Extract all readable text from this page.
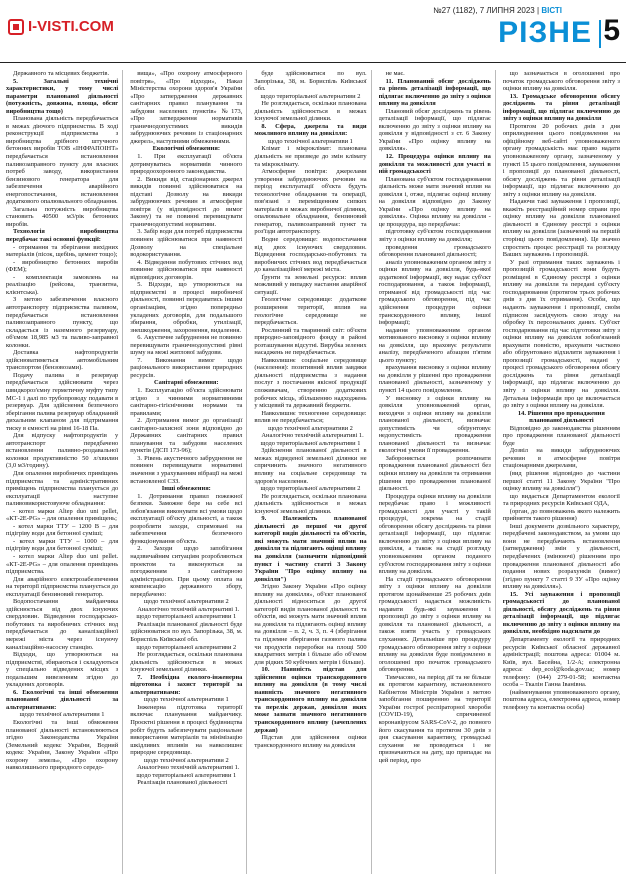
I-VISTI.COM
№27 (1182), 7 ЛИПНЯ 2023 | ВІСТІ
РІЗНЕ 5

Державного та місцевих бюджетів.

5. Загальні технічні характеристики, у тому числі параметри планованої діяльності (потужність, довжина, площа, обсяг виробництва тощо)

Планована діяльність передбачається в межах діючого підприємства. В ході реконструкції підприємства з виробництва дрібного штучного бетонних виробів ТОВ «ІНФРАПОІНТ» передбачається встановлення паливозаправного пункту для власних потреб заводу, використання бензинового генератора для забезпечення аварійного енергопостачання, встановлення додаткового опалювального обладнання.

Загальна потужність виробництва становить 40500 м3/рік бетонних виробів.

Технологія виробництва передбачає такі основні функції:

- отримання та зберігання вихідних матеріалів (пісок, щебінь, цемент тощо);

- виробництво бетонних виробів (ФЕМ);

- комплектація замовлень на реалізацію (рейсова, транзитна, клієнтська).

З метою забезпечення власного автотранспорту підприємства паливом, передбачається встановлення паливозаправного пункту, що складається із наземного резервуару, об'ємом 18,985 м3 та паливо-заправної колонки.

Доставка нафтопродуктів здійснюватиметься автомобільним транспортом (бензовозами).

Подачу палива в резервуар передбачається здійснювати через швидкороз'ємну герметичну муфту типу МС-1 і далі по трубопроводу подавати в резервуар. Для здійснення безпечного зберігання палива резервуар обладнаний дихальним клапаном для підтримання тиску в ємності на рівні 16-18 Па.

Для відпуску нафтопродуктів у автотранспорт передбачено встановлення паливно-роздавальної колонки продуктивністю 50 л/хвилин (3,0 м3/годину).

Для опалення виробничих приміщень підприємства та адміністративних приміщень підприємства планується до експлуатації наступне паливовикористовуюче обладнання:

- котел марки Altep duo uni pellet, «КТ-2Е-PG» – для опалення приміщень;

- котел марки ТТУ – 1200 В – для підігріву води для бетонної суміші;

- котел марки ТТУ – 1000 – для підігріву води для бетонної суміші;

- котел марки Altep duo uni pellet. «КТ-2Е-PG» – для опалення приміщень підприємства.

Для аварійного електрозабезпечення на території підприємства планується до експлуатації бензиновий генератор.

Водопостачання майданчика здійснюється від двох існуючих свердловин. Відведення господарсько-побутових та виробничих стічних вод передбачається до каналізаційної мережі міста через існуючу каналізаційно-насосну станцію.

Відходи, що утворюються на підприємстві, збираються і складуються у спеціально відведених місцях з подальшим вивезенням згідно до укладених договорів.

6. Екологічні та інші обмеження планованої діяльності за альтернативами:

щодо технічної альтернативи 1

Екологічні та інші обмеження планованої діяльності встановлюються згідно Законодавства України (Земельний кодекс України, Водний кодекс України, Закону України «Про охорону земель», «Про охорону навколишнього природного середо-

вища», «Про охорону атмосферного повітря», «Про відходи», Наказ Міністерства охорони здоров'я України «Про затвердження державних санітарних правил планування та забудови населених пунктів» №173, «Про затвердження нормативів граничнодопустимих викидів забруднюючих речовин із стаціонарних джерел», наступними обмеженнями.

Екологічні обмеження:

1. При експлуатації об'єкта дотримуватись нормативів чинного природоохоронного законодавства.

2. Викиди від стаціонарних джерел викидів повинні здійснюватися на підставі Дозволу на викиди забруднюючих речовин в атмосферне повітря (у відповідності до вимог Закону) та не повинні перевищувати граничнодопустимі нормативи.

3. Забір води для потреб підприємства повинен здійснюватися при наявності Дозволу на спеціальне водокористування.

4. Відведення побутових стічних вод повинне здійснюватися при наявності відповідних договорів.

5. Відходи, що утворюються на підприємстві в процесі виробничої діяльності, повинні передаватись іншим організаціям, згідно попередньо укладених договорів, для подальшого збирання, обробки, утилізації, знешкодження, захоронення, видалення.

6. Акустичне забруднення не повинно перевищувати граничнодопустимі рівні шуму на межі житлової забудови.

7. Виконання вимог щодо раціонального використання природних ресурсів.

Санітарні обмеження:

1. Експлуатацію об'єкта здійснювати згідно з чинними нормативними санітарно-гігієнічними нормами та правилами;

2. Дотримання вимог до організації санітарно-захисної зони відповідно до Державних санітарних правил планування та забудови населених пунктів (ДСП 173-96);

3. Рівень акустичного забруднення не повинен перевищувати нормативні значення з урахуванням вібрації на межі встановленої СЗЗ.

Інші обмеження:

1. Дотримання правил пожежної безпеки. Заможне бере на себе всі зобов'язання виконувати всі умови щодо експлуатації об'єкту діяльності, а також розробляти заходи, спрямовані на забезпечення безпечного функціонування об'єкта.

2. Заходи щодо запобігання надзвичайним ситуаціям розробляються проектом та виконуються за погодженням з санітарною адміністрацією. При цьому оплата на компенсацію державного збору, передбачено:

щодо технічної альтернативи 2

Аналогічно технічній альтернативі 1.

щодо територіальної альтернативи 1

Реалізація планованої діяльності буде здійснюватися по вул. Запорізька, 38, м. Бориспіль Київської обл.

щодо територіальної альтернативи 2

Не розглядається, оскільки планована діяльність здійснюється в межах існуючої земельної ділянки.

7. Необхідна еколого-інженерна підготовка і захист території за альтернативами:

щодо технічної альтернативи 1

Інженерна підготовка території включає планування майданчику. Проєктні рішення в процесі будівництва робіт будуть забезпечувати раціональне використання матеріалів та мінімізацію шкідливих впливів на навколишнє природне середовище.

щодо технічної альтернативи 2

Аналогічно технічній альтернативі 1.

щодо територіальної альтернативи 1

Реалізація планованої діяльності

буде здійснюватися по вул. Запорізька, 38, м. Бориспіль Київської обл.

щодо територіальної альтернативи 2

Не розглядається, оскільки планована діяльність здійснюється в межах існуючої земельної ділянки.

8. Сфера, джерела та види можливого впливу на довкілля:

щодо технічної альтернативи 1

Клімат і мікроклімат: планована діяльність не призведе до змін клімату та мікроклімату.

Атмосферне повітря: джерелами утворення забруднюючих речовин на період експлуатації об'єкта будуть технологічне обладнання та операції, пов'язані з переміщенням сипких матеріалів в межах виробничої ділянки, опалювальне обладнання, бензиновий генератор, паливозаправний пункт та роз'їзди автотранспорту.

Водне середовище: водопостачання від двох існуючих свердловин. Відведення господарсько-побутових та виробничих стічних вод передбачається до каналізаційної мережі міста.

Ґрунти та земельні ресурси: вплив можливий у випадку настання аварійної ситуації.

Геологічне середовище: додаткове розширення території, вплив на геологічне середовище не передбачається.

Рослинний та тваринний світ: об'єкти природно-заповідного фонду в районі розташування відсутні. Вирубка зелених насаджень не передбачається.

Навколишнє соціальне середовище (населення): позитивний вплив завдяки діяльності підприємства з надання послуг з постачання якісної продукції споживачам, створенню додаткових робочих місць, збільшенню надходжень у місцевий та державний бюджети.

Навколишнє техногенне середовище: вплив не передбачається;

щодо технічної альтернативи 2

Аналогічно технічній альтернативі 1.

щодо територіальної альтернативи 1

Здійснення планованої діяльності в межах відведеної земельної ділянки не спричинить значного негативного впливу на соціальне середовище та здоров'я населення.

щодо територіальної альтернативи 2

Не розглядається, оскільки планована діяльність здійснюється в межах існуючої земельної ділянки.

9. Належність планованої діяльності до першої чи другої категорії видів діяльності та об'єктів, які можуть мати значний вплив на довкілля та підлягають оцінці впливу на довкілля (зазначити відповідний пункт і частину статті 3 Закону України "Про оцінку впливу на довкілля")

Згідно Закону України «Про оцінку впливу на довкілля», об'єкт планованої діяльності відноситься до другої категорії видів планованої діяльності та об'єктів, які можуть мати значний вплив на довкілля та підлягають оцінці впливу на довкілля – п. 2, ч. 3, п. 4 (зберігання та підземне зберігання газового палива чи продуктів переробки на площі 500 квадратних метрів і більше або об'ємом для рідких 50 кубічних метрів і більше).

10. Наявність підстав для здійснення оцінки транскордонного впливу на довкілля (в тому числі наявність значного негативного транскордонного впливу на довкілля та перелік держав, довкілля яких може зазнати значного негативного транскордонного впливу (зачеплених держав)

Підстав для здійснення оцінки транскордонного впливу на довкілля

не має.

11. Планований обсяг досліджень та рівень деталізації інформації, що підлягає включенню до звіту з оцінки впливу на довкілля

Плановий обсяг досліджень та рівень деталізації інформації, що підлягає включенню до звіту з оцінки впливу на довкілля у відповідності з ст. 6 Закону України «Про оцінку впливу на довкілля».

12. Процедура оцінки впливу на довкілля та можливості для участі в ній громадськості

Планована суб'єктом господарювання діяльність може мати значний вплив на довкілля і, отже, підлягає оцінці впливу на довкілля відповідно до Закону України «Про оцінку впливу на довкілля». Оцінка впливу на довкілля - це процедура, що передбачає:

підготовку суб'єктом господарювання звіту з оцінки впливу на довкілля;

проведення громадського обговорення планованої діяльності;

аналіз уповноваженим органом звіту з оцінки впливу на довкілля, будь-якої додаткової інформації, яку надає суб'єкт господарювання, а також інформації, отриманої від громадськості під час громадського обговорення, під час здійснення процедури оцінки транскордонного впливу, іншої інформації;

надання уповноваженим органом мотивованого висновку з оцінки впливу на довкілля, що враховує результати аналізу, передбаченого абзацом п'ятим цього пункту;

врахування висновку з оцінки впливу на довкілля у рішенні про провадження планованої діяльності, зазначеному у пункті 14 цього повідомлення.

У висновку з оцінки впливу на довкілля уповноважений орган, виходячи з оцінки впливу на довкілля планованої діяльності, визначає допустимість чи обґрунтовує недопустимість провадження планованої діяльності та визначає екологічні умови її провадження.

Забороняється розпочинати провадження планованої діяльності без оцінки впливу на довкілля та отримання рішення про провадження планованої діяльності.

Процедура оцінки впливу на довкілля передбачає право і можливості громадськості для участі у такій процедурі, зокрема на стадії обговорення обсягу досліджень та рівня деталізації інформації, що підлягає включенню до звіту з оцінки впливу на довкілля, а також на стадії розгляду уповноваженим органом поданого суб'єктом господарювання звіту з оцінки впливу на довкілля.

На стадії громадського обговорення звіту з оцінки впливу на довкілля протягом щонайменше 25 робочих днів громадськості надається можливість надавати будь-які зауваження і пропозиції до звіту з оцінки впливу на довкілля та планованої діяльності, а також взяти участь у громадських слуханнях. Детальніше про процедуру громадського обговорення звіту з оцінки впливу на довкілля буде повідомлено в оголошенні про початок громадського обговорення.

Тимчасово, на період дії та не більше як протягом карантину, встановленого Кабінетом Міністрів України з метою запобігання поширенню на території України гострої респіраторної хвороби (COVID-19), спричиненої коронавірусом SARS-CoV-2, до повного його скасування та протягом 30 днів з дня скасування карантину, громадські слухання не проводяться і не призначаються на дату, що припадає на цей період, про

що зазначається в оголошенні про початок громадського обговорення звіту з оцінки впливу на довкілля.

13. Громадське обговорення обсягу досліджень та рівня деталізації інформації, що підлягає включенню до звіту з оцінки впливу на довкілля

Протягом 20 робочих днів з дня оприлюднення цього повідомлення на офіційному веб-сайті уповноваженого органу громадськість має право надати уповноваженому органу, зазначеному у пункті 15 цього повідомлення, зауваження і пропозиції до планованої діяльності, обсягу досліджень та рівня деталізації інформації, що підлягає включенню до звіту з оцінки впливу на довкілля.

Надаючи такі зауваження і пропозиції, вкажіть реєстраційний номер справи про оцінку впливу на довкілля планованої діяльності в Єдиному реєстрі з оцінки впливу на довкілля (зазначений на першій сторінці цього повідомлення). Це значно спростить процес реєстрації та розгляду Ваших зауважень і пропозицій.

У разі отримання таких зауважень і пропозицій громадськості вони будуть розміщені в Єдиному реєстрі з оцінки впливу на довкілля та передані суб'єкту господарювання (протягом трьох робочих днів з дня їх отримання). Особи, що надають зауваження і пропозиції, своїм підписом засвідчують свою згоду на обробку їх персональних даних. Суб'єкт господарювання під час підготовки звіту з оцінки впливу на довкілля зобов'язаний врахувати повністю, врахувати частково або обґрунтовано відхилити зауваження і пропозиції громадськості, надані у процесі громадського обговорення обсягу досліджень та рівня деталізації інформації, що підлягає включенню до звіту з оцінки впливу на довкілля. Детальна інформація про це включається до звіту з оцінки впливу на довкілля.

14. Рішення про провадження планованої діяльності

Відповідно до законодавства рішенням про провадження планованої діяльності буде

Дозвіл на викиди забруднюючих речовин в атмосферне повітря стаціонарними джерелами,

(вид рішення відповідно до частини першої статті 11 Закону України "Про оцінку впливу на довкілля")

що видається Департаментом екології та природних ресурсів Київської ОДА,

(орган, до повноважень якого належить прийняття такого рішення)

Інші документи дозвільного характеру, передбачені законодавством, за умови що вони не передбачають встановлення (затвердження) змін у діяльності, передбачених (змінюючі) рішенням про провадження планованої діяльності або подання нових розрахунків (вимог) (згідно пункту 7 статті 9 ЗУ «Про оцінку впливу на довкілля»).

15. Усі зауваження і пропозиції громадськості до планованої діяльності, обсягу досліджень та рівня деталізації інформації, що підлягає включенню до звіту з оцінки впливу на довкілля, необхідно надсилати до

Департаменту екології та природних ресурсів Київської обласної державної адміністрації; поштова адреса: 01004 м. Київ, вул. Басейна, 1/2-А; електронна адреса: dep_ecol@koda.gov.ua; номер телефону: (044) 279-01-58; контактна особа – Ткалін Ганна Іванівна.

(найменування уповноваженого органу, поштова адреса, електронна адреса, номер телефону та контактна особа)
